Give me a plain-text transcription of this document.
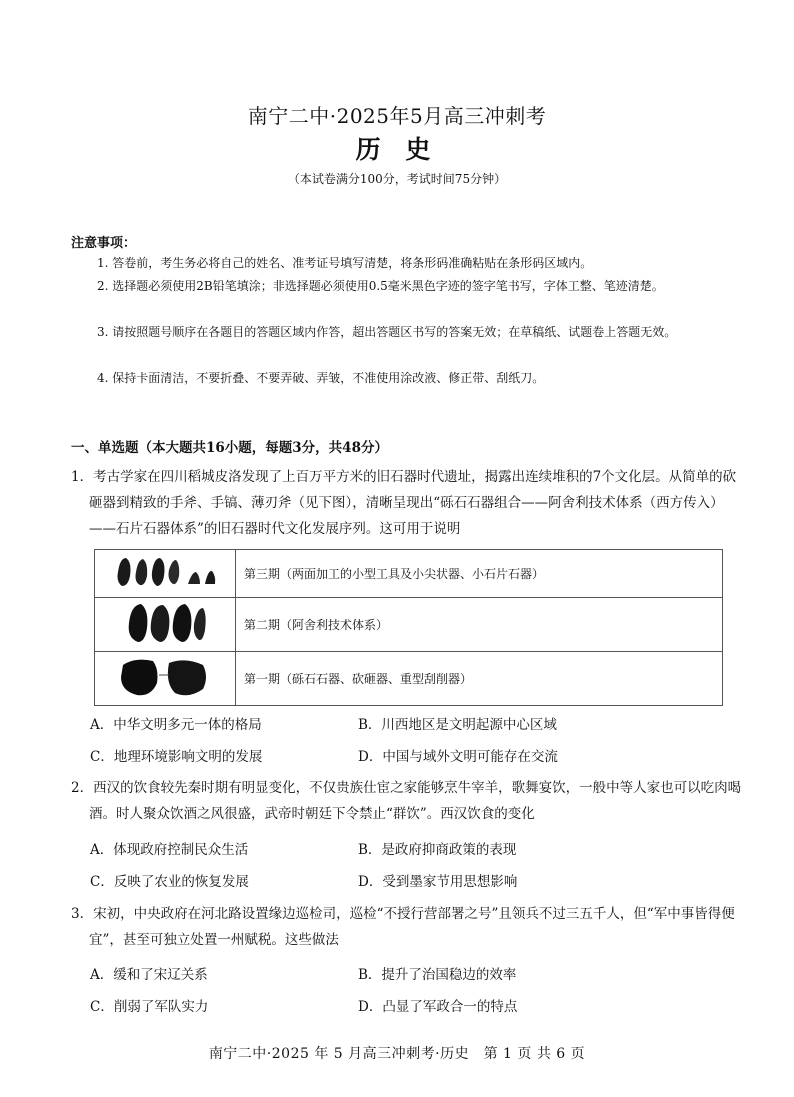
南宁二中·2025年5月高三冲刺考
历 史
（本试卷满分100分，考试时间75分钟）
注意事项：
1. 答卷前，考生务必将自己的姓名、准考证号填写清楚，将条形码准确粘贴在条形码区域内。
2. 选择题必须使用2B铅笔填涂；非选择题必须使用0.5毫米黑色字迹的签字笔书写，字体工整、笔迹清楚。
3. 请按照题号顺序在各题目的答题区域内作答，超出答题区书写的答案无效；在草稿纸、试题卷上答题无效。
4. 保持卡面清洁，不要折叠、不要弄破、弄皱，不准使用涂改液、修正带、刮纸刀。
一、单选题（本大题共16小题，每题3分，共48分）
1．考古学家在四川稻城皮洛发现了上百万平方米的旧石器时代遗址，揭露出连续堆积的7个文化层。从简单的砍砸器到精致的手斧、手镐、薄刃斧（见下图），清晰呈现出“砾石石器组合——阿舍利技术体系（西方传入）——石片石器体系”的旧石器时代文化发展序列。这可用于说明
	第三期（两面加工的小型工具及小尖状器、小石片石器）
	第二期（阿舍利技术体系）
	第一期（砾石石器、砍砸器、重型刮削器）
A．中华文明多元一体的格局	B．川西地区是文明起源中心区域
C．地理环境影响文明的发展	D．中国与域外文明可能存在交流
2．西汉的饮食较先秦时期有明显变化，不仅贵族仕宦之家能够烹牛宰羊，歌舞宴饮，一般中等人家也可以吃肉喝酒。时人聚众饮酒之风很盛，武帝时朝廷下令禁止“群饮”。西汉饮食的变化
A．体现政府控制民众生活	B．是政府抑商政策的表现
C．反映了农业的恢复发展	D．受到墨家节用思想影响
3．宋初，中央政府在河北路设置缘边巡检司，巡检“不授行营部署之号”且领兵不过三五千人，但“军中事皆得便宜”，甚至可独立处置一州赋税。这些做法
A．缓和了宋辽关系	B．提升了治国稳边的效率
C．削弱了军队实力	D．凸显了军政合一的特点
南宁二中·2025 年 5 月高三冲刺考·历史　第 1 页 共 6 页
